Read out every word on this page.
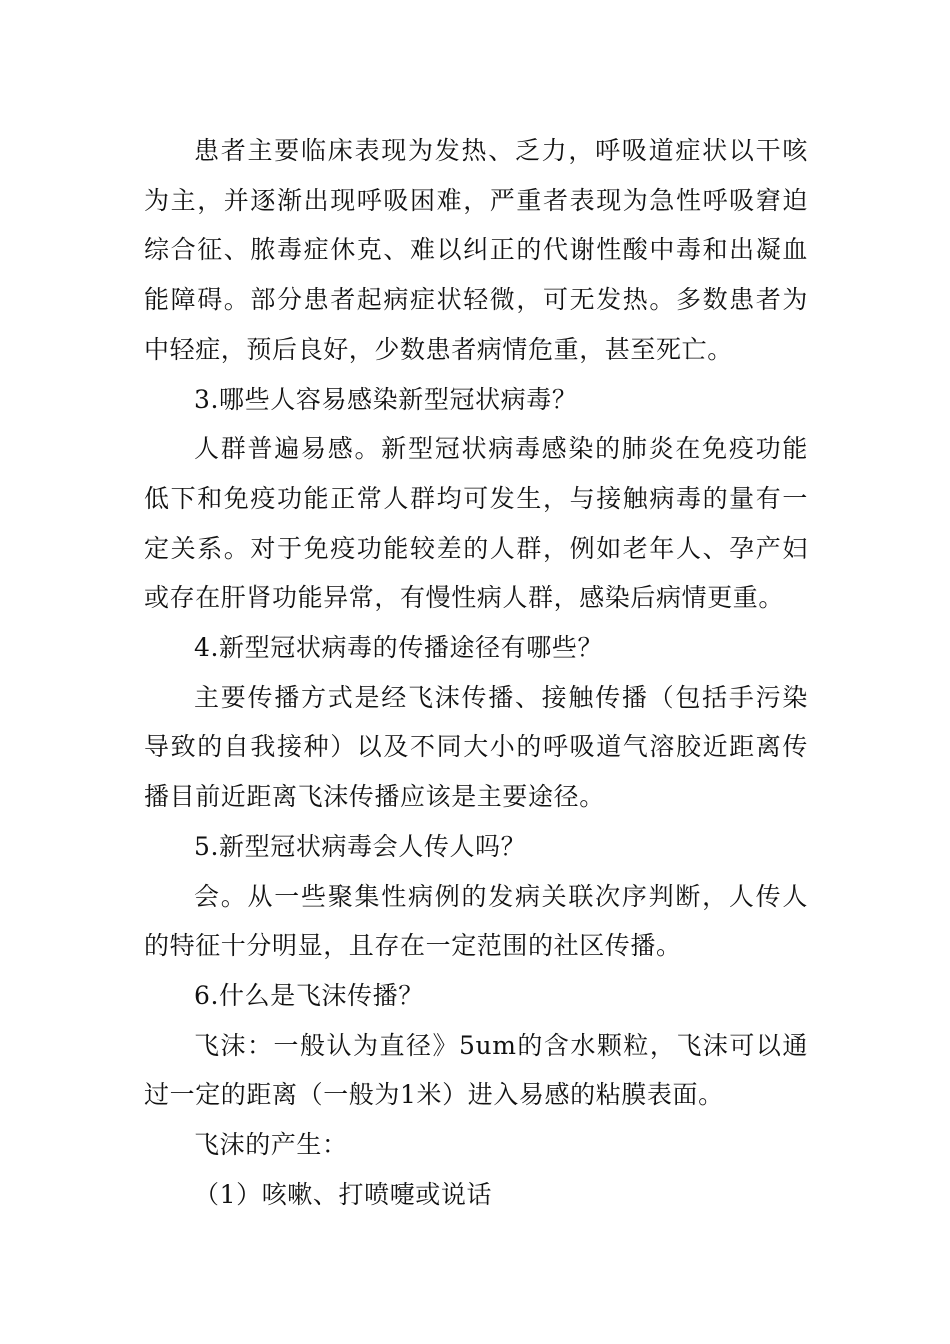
患者主要临床表现为发热、乏力，呼吸道症状以干咳为主，并逐渐出现呼吸困难，严重者表现为急性呼吸窘迫综合征、脓毒症休克、难以纠正的代谢性酸中毒和出凝血能障碍。部分患者起病症状轻微，可无发热。多数患者为中轻症，预后良好，少数患者病情危重，甚至死亡。

3.哪些人容易感染新型冠状病毒？

人群普遍易感。新型冠状病毒感染的肺炎在免疫功能低下和免疫功能正常人群均可发生，与接触病毒的量有一定关系。对于免疫功能较差的人群，例如老年人、孕产妇或存在肝肾功能异常，有慢性病人群，感染后病情更重。

4.新型冠状病毒的传播途径有哪些？

主要传播方式是经飞沫传播、接触传播（包括手污染导致的自我接种）以及不同大小的呼吸道气溶胶近距离传播目前近距离飞沫传播应该是主要途径。

5.新型冠状病毒会人传人吗？

会。从一些聚集性病例的发病关联次序判断，人传人的特征十分明显，且存在一定范围的社区传播。

6.什么是飞沫传播？

飞沫：一般认为直径》5um的含水颗粒，飞沫可以通过一定的距离（一般为1米）进入易感的粘膜表面。

飞沫的产生：

（1）咳嗽、打喷嚏或说话
